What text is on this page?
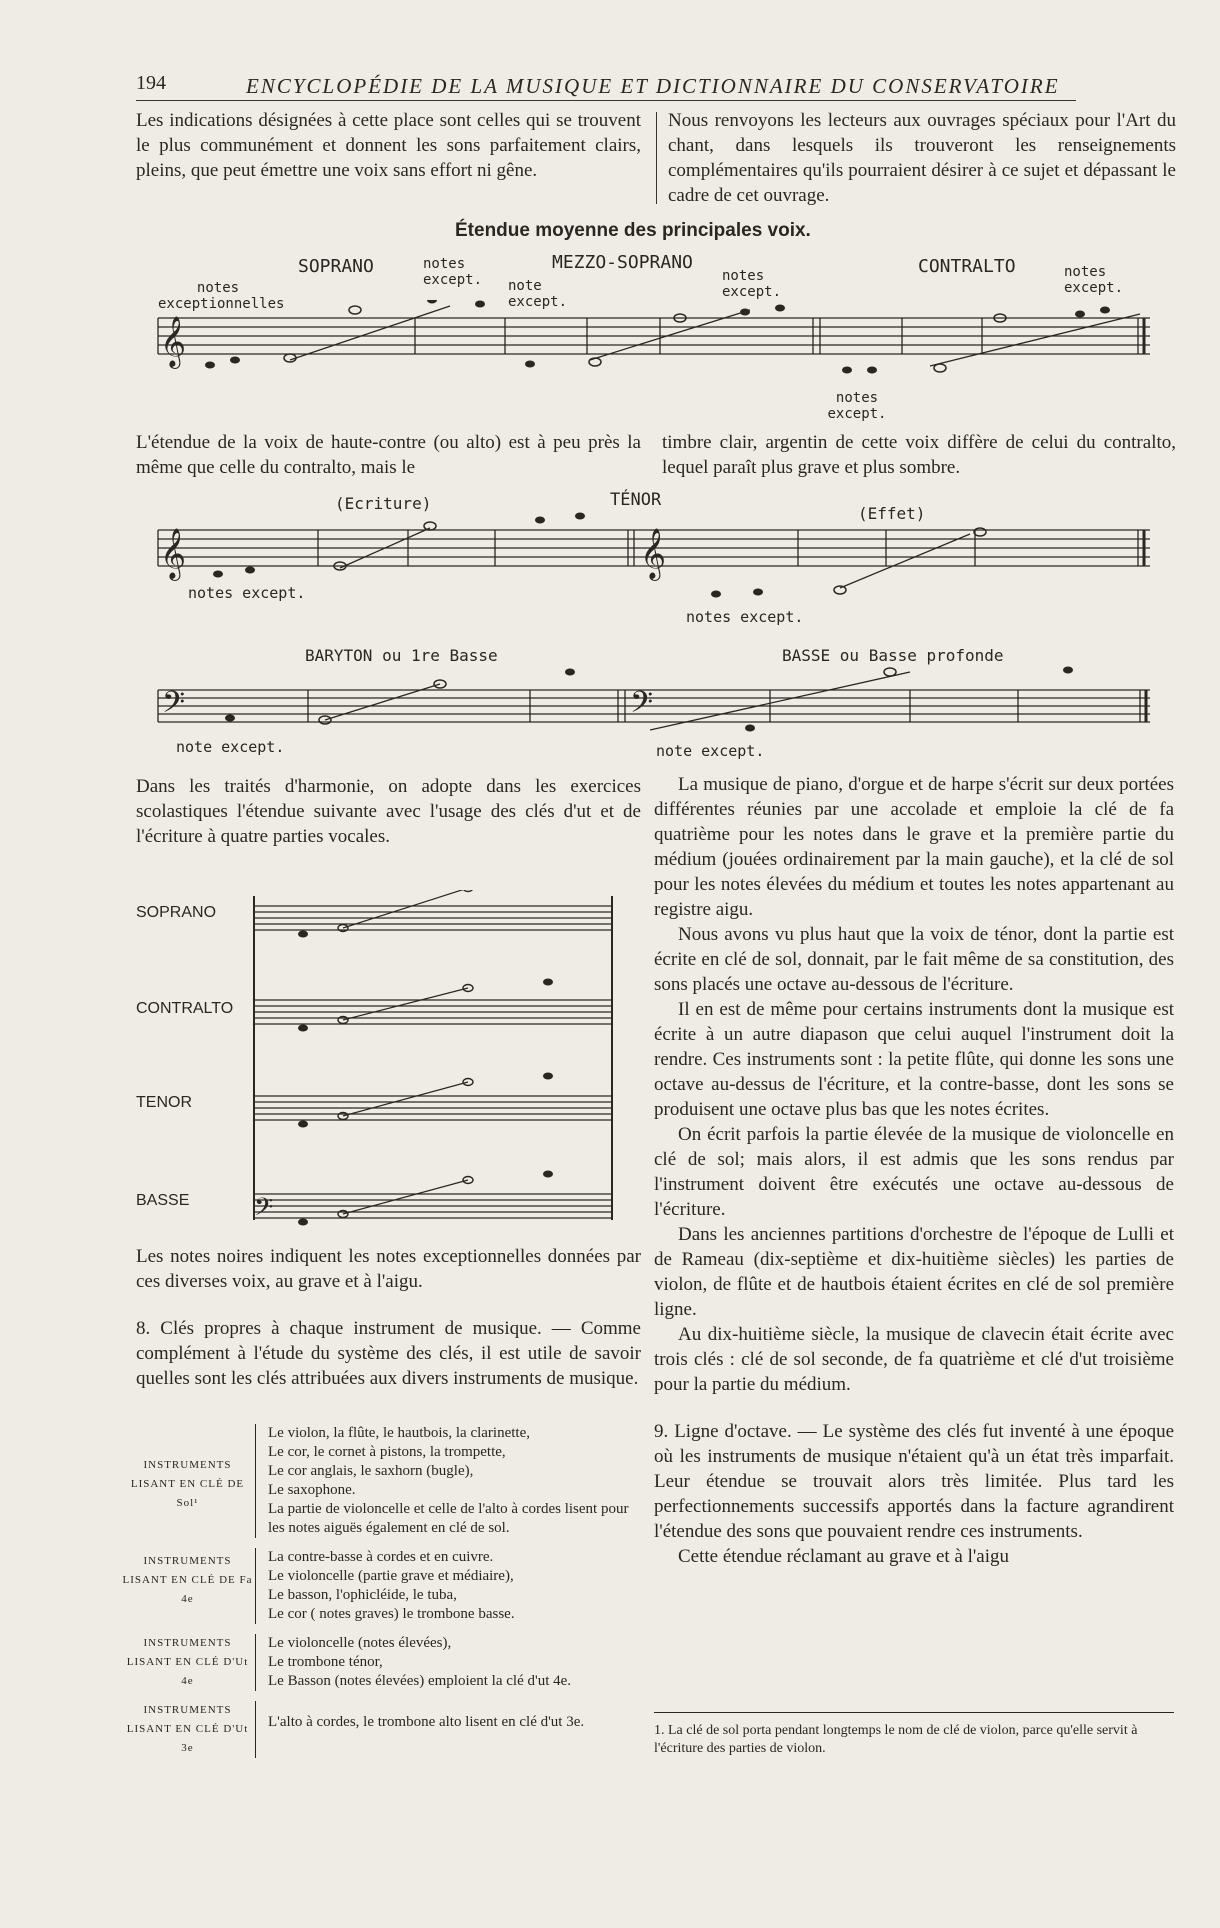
194	ENCYCLOPÉDIE DE LA MUSIQUE ET DICTIONNAIRE DU CONSERVATOIRE
Les indications désignées à cette place sont celles qui se trouvent le plus communément et donnent les sons parfaitement clairs, pleins, que peut émettre une voix sans effort ni gêne.
Nous renvoyons les lecteurs aux ouvrages spéciaux pour l'Art du chant, dans lesquels ils trouveront les renseignements complémentaires qu'ils pourraient désirer à ce sujet et dépassant le cadre de cet ouvrage.
Étendue moyenne des principales voix.
SOPRANO	MEZZO-SOPRANO	CONTRALTO
notes exceptionnelles
notes except. note except.
notes except.
notes except.
notes except.
𝄞
L'étendue de la voix de haute-contre (ou alto) est à peu près la même que celle du contralto, mais le
timbre clair, argentin de cette voix diffère de celui du contralto, lequel paraît plus grave et plus sombre.
(Ecriture)	TÉNOR
(Effet)
notes except.
notes except.
𝄞	𝄞
BARYTON ou 1re Basse	BASSE ou Basse profonde
note except.	note except.
𝄢	𝄢
Dans les traités d'harmonie, on adopte dans les exercices scolastiques l'étendue suivante avec l'usage des clés d'ut et de l'écriture à quatre parties vocales.
SOPRANO
CONTRALTO
TENOR
BASSE 𝄢
Les notes noires indiquent les notes exceptionnelles données par ces diverses voix, au grave et à l'aigu.
8. Clés propres à chaque instrument de musique. — Comme complément à l'étude du système des clés, il est utile de savoir quelles sont les clés attribuées aux divers instruments de musique.
INSTRUMENTS LISANT EN CLÉ DE Sol¹
Le violon, la flûte, le hautbois, la clarinette,
Le cor, le cornet à pistons, la trompette,
Le cor anglais, le saxhorn (bugle),
Le saxophone.
La partie de violoncelle et celle de l'alto à cordes lisent pour les notes aiguës également en clé de sol.
INSTRUMENTS LISANT EN CLÉ DE Fa 4e
La contre-basse à cordes et en cuivre.
Le violoncelle (partie grave et médiaire),
Le basson, l'ophicléide, le tuba,
Le cor ( notes graves) le trombone basse.
INSTRUMENTS LISANT EN CLÉ D'Ut 4e
Le violoncelle (notes élevées),
Le trombone ténor,
Le Basson (notes élevées) emploient la clé d'ut 4e.
INSTRUMENTS LISANT EN CLÉ D'Ut 3e
L'alto à cordes, le trombone alto lisent en clé d'ut 3e.

La musique de piano, d'orgue et de harpe s'écrit sur deux portées différentes réunies par une accolade et emploie la clé de fa quatrième pour les notes dans le grave et la première partie du médium (jouées ordinairement par la main gauche), et la clé de sol pour les notes élevées du médium et toutes les notes appartenant au registre aigu.

Nous avons vu plus haut que la voix de ténor, dont la partie est écrite en clé de sol, donnait, par le fait même de sa constitution, des sons placés une octave au-dessous de l'écriture.

Il en est de même pour certains instruments dont la musique est écrite à un autre diapason que celui auquel l'instrument doit la rendre. Ces instruments sont : la petite flûte, qui donne les sons une octave au-dessus de l'écriture, et la contre-basse, dont les sons se produisent une octave plus bas que les notes écrites.

On écrit parfois la partie élevée de la musique de violoncelle en clé de sol; mais alors, il est admis que les sons rendus par l'instrument doivent être exécutés une octave au-dessous de l'écriture.

Dans les anciennes partitions d'orchestre de l'époque de Lulli et de Rameau (dix-septième et dix-huitième siècles) les parties de violon, de flûte et de hautbois étaient écrites en clé de sol première ligne.

Au dix-huitième siècle, la musique de clavecin était écrite avec trois clés : clé de sol seconde, de fa quatrième et clé d'ut troisième pour la partie du médium.

9. Ligne d'octave. — Le système des clés fut inventé à une époque où les instruments de musique n'étaient qu'à un état très imparfait. Leur étendue se trouvait alors très limitée. Plus tard les perfectionnements successifs apportés dans la facture agrandirent l'étendue des sons que pouvaient rendre ces instruments.

Cette étendue réclamant au grave et à l'aigu

1. La clé de sol porta pendant longtemps le nom de clé de violon, parce qu'elle servit à l'écriture des parties de violon.
